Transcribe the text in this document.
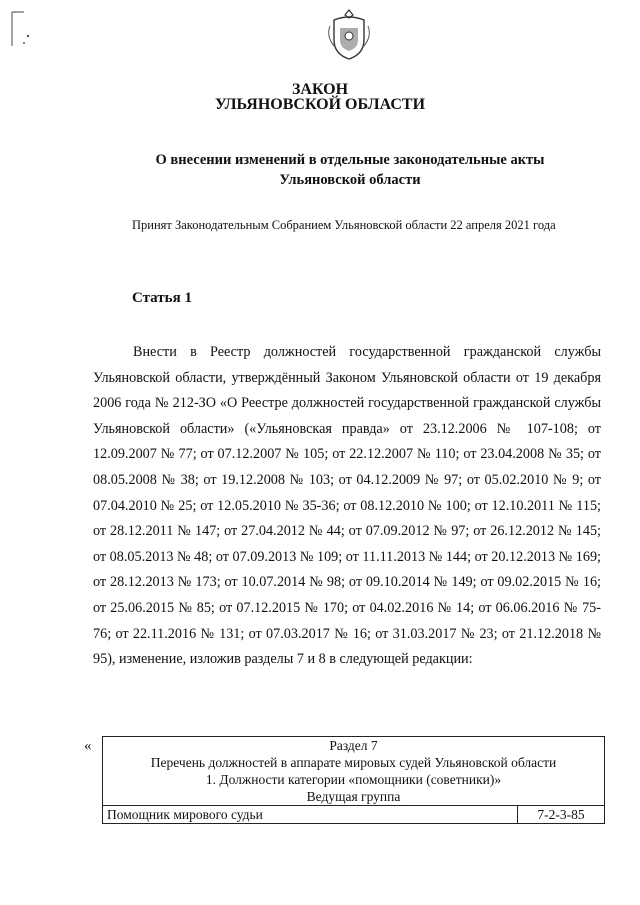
ЗАКОН
УЛЬЯНОВСКОЙ ОБЛАСТИ
О внесении изменений в отдельные законодательные акты Ульяновской области
Принят Законодательным Собранием Ульяновской области 22 апреля 2021 года
Статья 1

Внести в Реестр должностей государственной гражданской службы Ульяновской области, утверждённый Законом Ульяновской области от 19 декабря 2006 года № 212-ЗО «О Реестре должностей государственной гражданской службы Ульяновской области» («Ульяновская правда» от 23.12.2006 № 107-108; от 12.09.2007 № 77; от 07.12.2007 № 105; от 22.12.2007 № 110; от 23.04.2008 № 35; от 08.05.2008 № 38; от 19.12.2008 № 103; от 04.12.2009 № 97; от 05.02.2010 № 9; от 07.04.2010 № 25; от 12.05.2010 № 35-36; от 08.12.2010 № 100; от 12.10.2011 № 115; от 28.12.2011 № 147; от 27.04.2012 № 44; от 07.09.2012 № 97; от 26.12.2012 № 145; от 08.05.2013 № 48; от 07.09.2013 № 109; от 11.11.2013 № 144; от 20.12.2013 № 169; от 28.12.2013 № 173; от 10.07.2014 № 98; от 09.10.2014 № 149; от 09.02.2015 № 16; от 25.06.2015 № 85; от 07.12.2015 № 170; от 04.02.2016 № 14; от 06.06.2016 № 75-76; от 22.11.2016 № 131; от 07.03.2017 № 16; от 31.03.2017 № 23; от 21.12.2018 № 95), изменение, изложив разделы 7 и 8 в следующей редакции:

«	Раздел 7
Перечень должностей в аппарате мировых судей Ульяновской области
1. Должности категории «помощники (советники)»
Ведущая группа

Помощник мирового судьи	7-2-3-85
